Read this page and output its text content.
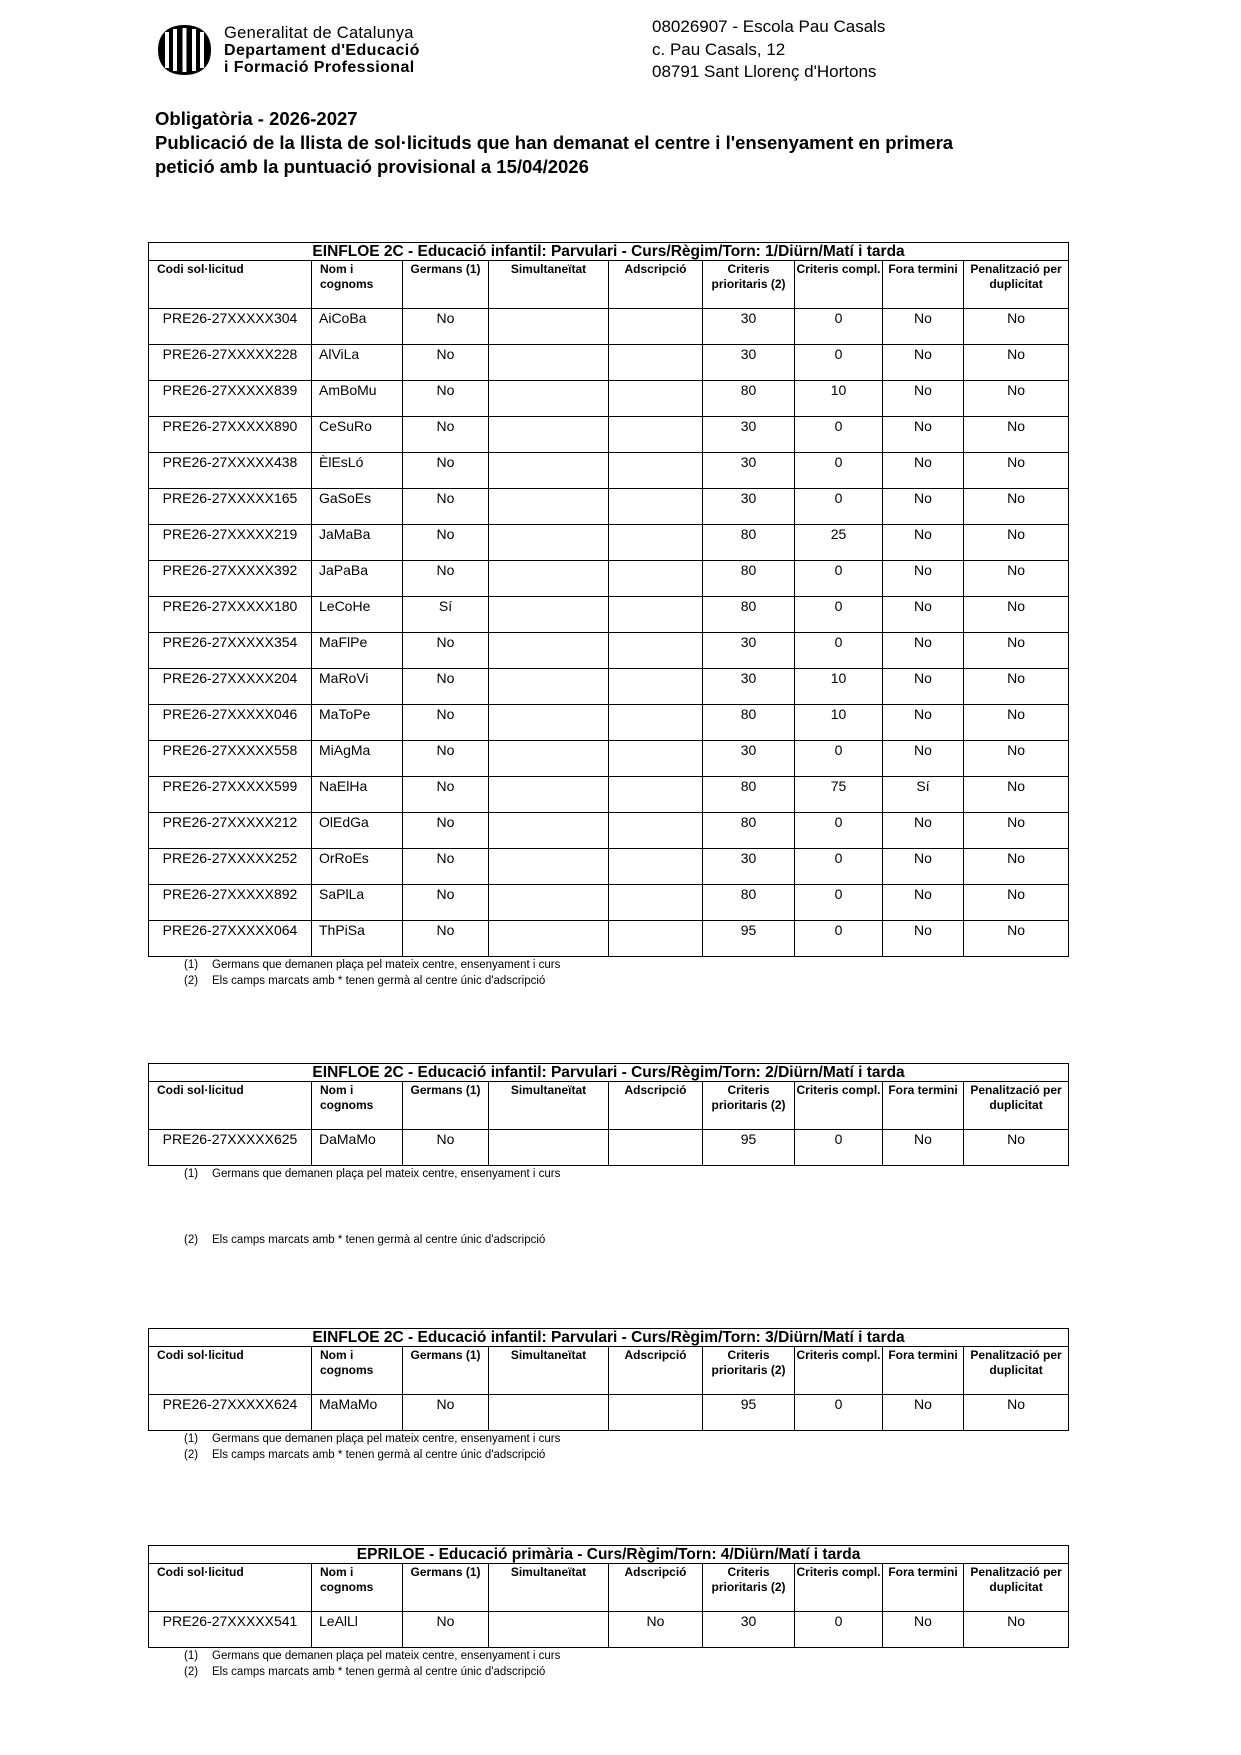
Generalitat de Catalunya
Departament d'Educació
i Formació Professional
08026907 - Escola Pau Casals
c. Pau Casals, 12
08791 Sant Llorenç d'Hortons
Obligatòria - 2026-2027
Publicació de la llista de sol·licituds que han demanat el centre i l'ensenyament en primera
petició amb la puntuació provisional a 15/04/2026
EINFLOE 2C - Educació infantil: Parvulari - Curs/Règim/Torn: 1/Diürn/Matí i tarda								
Codi sol·licitud	Nom i cognoms	Germans (1)	Simultaneïtat	Adscripció	Criteris prioritaris (2)	Criteris compl.	Fora termini	Penalització per duplicitat
PRE26-27XXXXX304	AiCoBa	No			30	0	No	No
PRE26-27XXXXX228	AlViLa	No			30	0	No	No
PRE26-27XXXXX839	AmBoMu	No			80	10	No	No
PRE26-27XXXXX890	CeSuRo	No			30	0	No	No
PRE26-27XXXXX438	ÈlEsLó	No			30	0	No	No
PRE26-27XXXXX165	GaSoEs	No			30	0	No	No
PRE26-27XXXXX219	JaMaBa	No			80	25	No	No
PRE26-27XXXXX392	JaPaBa	No			80	0	No	No
PRE26-27XXXXX180	LeCoHe	Sí			80	0	No	No
PRE26-27XXXXX354	MaFlPe	No			30	0	No	No
PRE26-27XXXXX204	MaRoVi	No			30	10	No	No
PRE26-27XXXXX046	MaToPe	No			80	10	No	No
PRE26-27XXXXX558	MiAgMa	No			30	0	No	No
PRE26-27XXXXX599	NaElHa	No			80	75	Sí	No
PRE26-27XXXXX212	OlEdGa	No			80	0	No	No
PRE26-27XXXXX252	OrRoEs	No			30	0	No	No
PRE26-27XXXXX892	SaPlLa	No			80	0	No	No
PRE26-27XXXXX064	ThPiSa	No			95	0	No	No
(1) Germans que demanen plaça pel mateix centre, ensenyament i curs
(2) Els camps marcats amb * tenen germà al centre únic d'adscripció
EINFLOE 2C - Educació infantil: Parvulari - Curs/Règim/Torn: 2/Diürn/Matí i tarda								
Codi sol·licitud	Nom i cognoms	Germans (1)	Simultaneïtat	Adscripció	Criteris prioritaris (2)	Criteris compl.	Fora termini	Penalització per duplicitat
PRE26-27XXXXX625	DaMaMo	No			95	0	No	No
(1) Germans que demanen plaça pel mateix centre, ensenyament i curs
(2) Els camps marcats amb * tenen germà al centre únic d'adscripció
EINFLOE 2C - Educació infantil: Parvulari - Curs/Règim/Torn: 3/Diürn/Matí i tarda								
Codi sol·licitud	Nom i cognoms	Germans (1)	Simultaneïtat	Adscripció	Criteris prioritaris (2)	Criteris compl.	Fora termini	Penalització per duplicitat
PRE26-27XXXXX624	MaMaMo	No			95	0	No	No
(1) Germans que demanen plaça pel mateix centre, ensenyament i curs
(2) Els camps marcats amb * tenen germà al centre únic d'adscripció
EPRILOE - Educació primària - Curs/Règim/Torn: 4/Diürn/Matí i tarda								
Codi sol·licitud	Nom i cognoms	Germans (1)	Simultaneïtat	Adscripció	Criteris prioritaris (2)	Criteris compl.	Fora termini	Penalització per duplicitat
PRE26-27XXXXX541	LeAlLl	No		No	30	0	No	No
(1) Germans que demanen plaça pel mateix centre, ensenyament i curs
(2) Els camps marcats amb * tenen germà al centre únic d'adscripció
